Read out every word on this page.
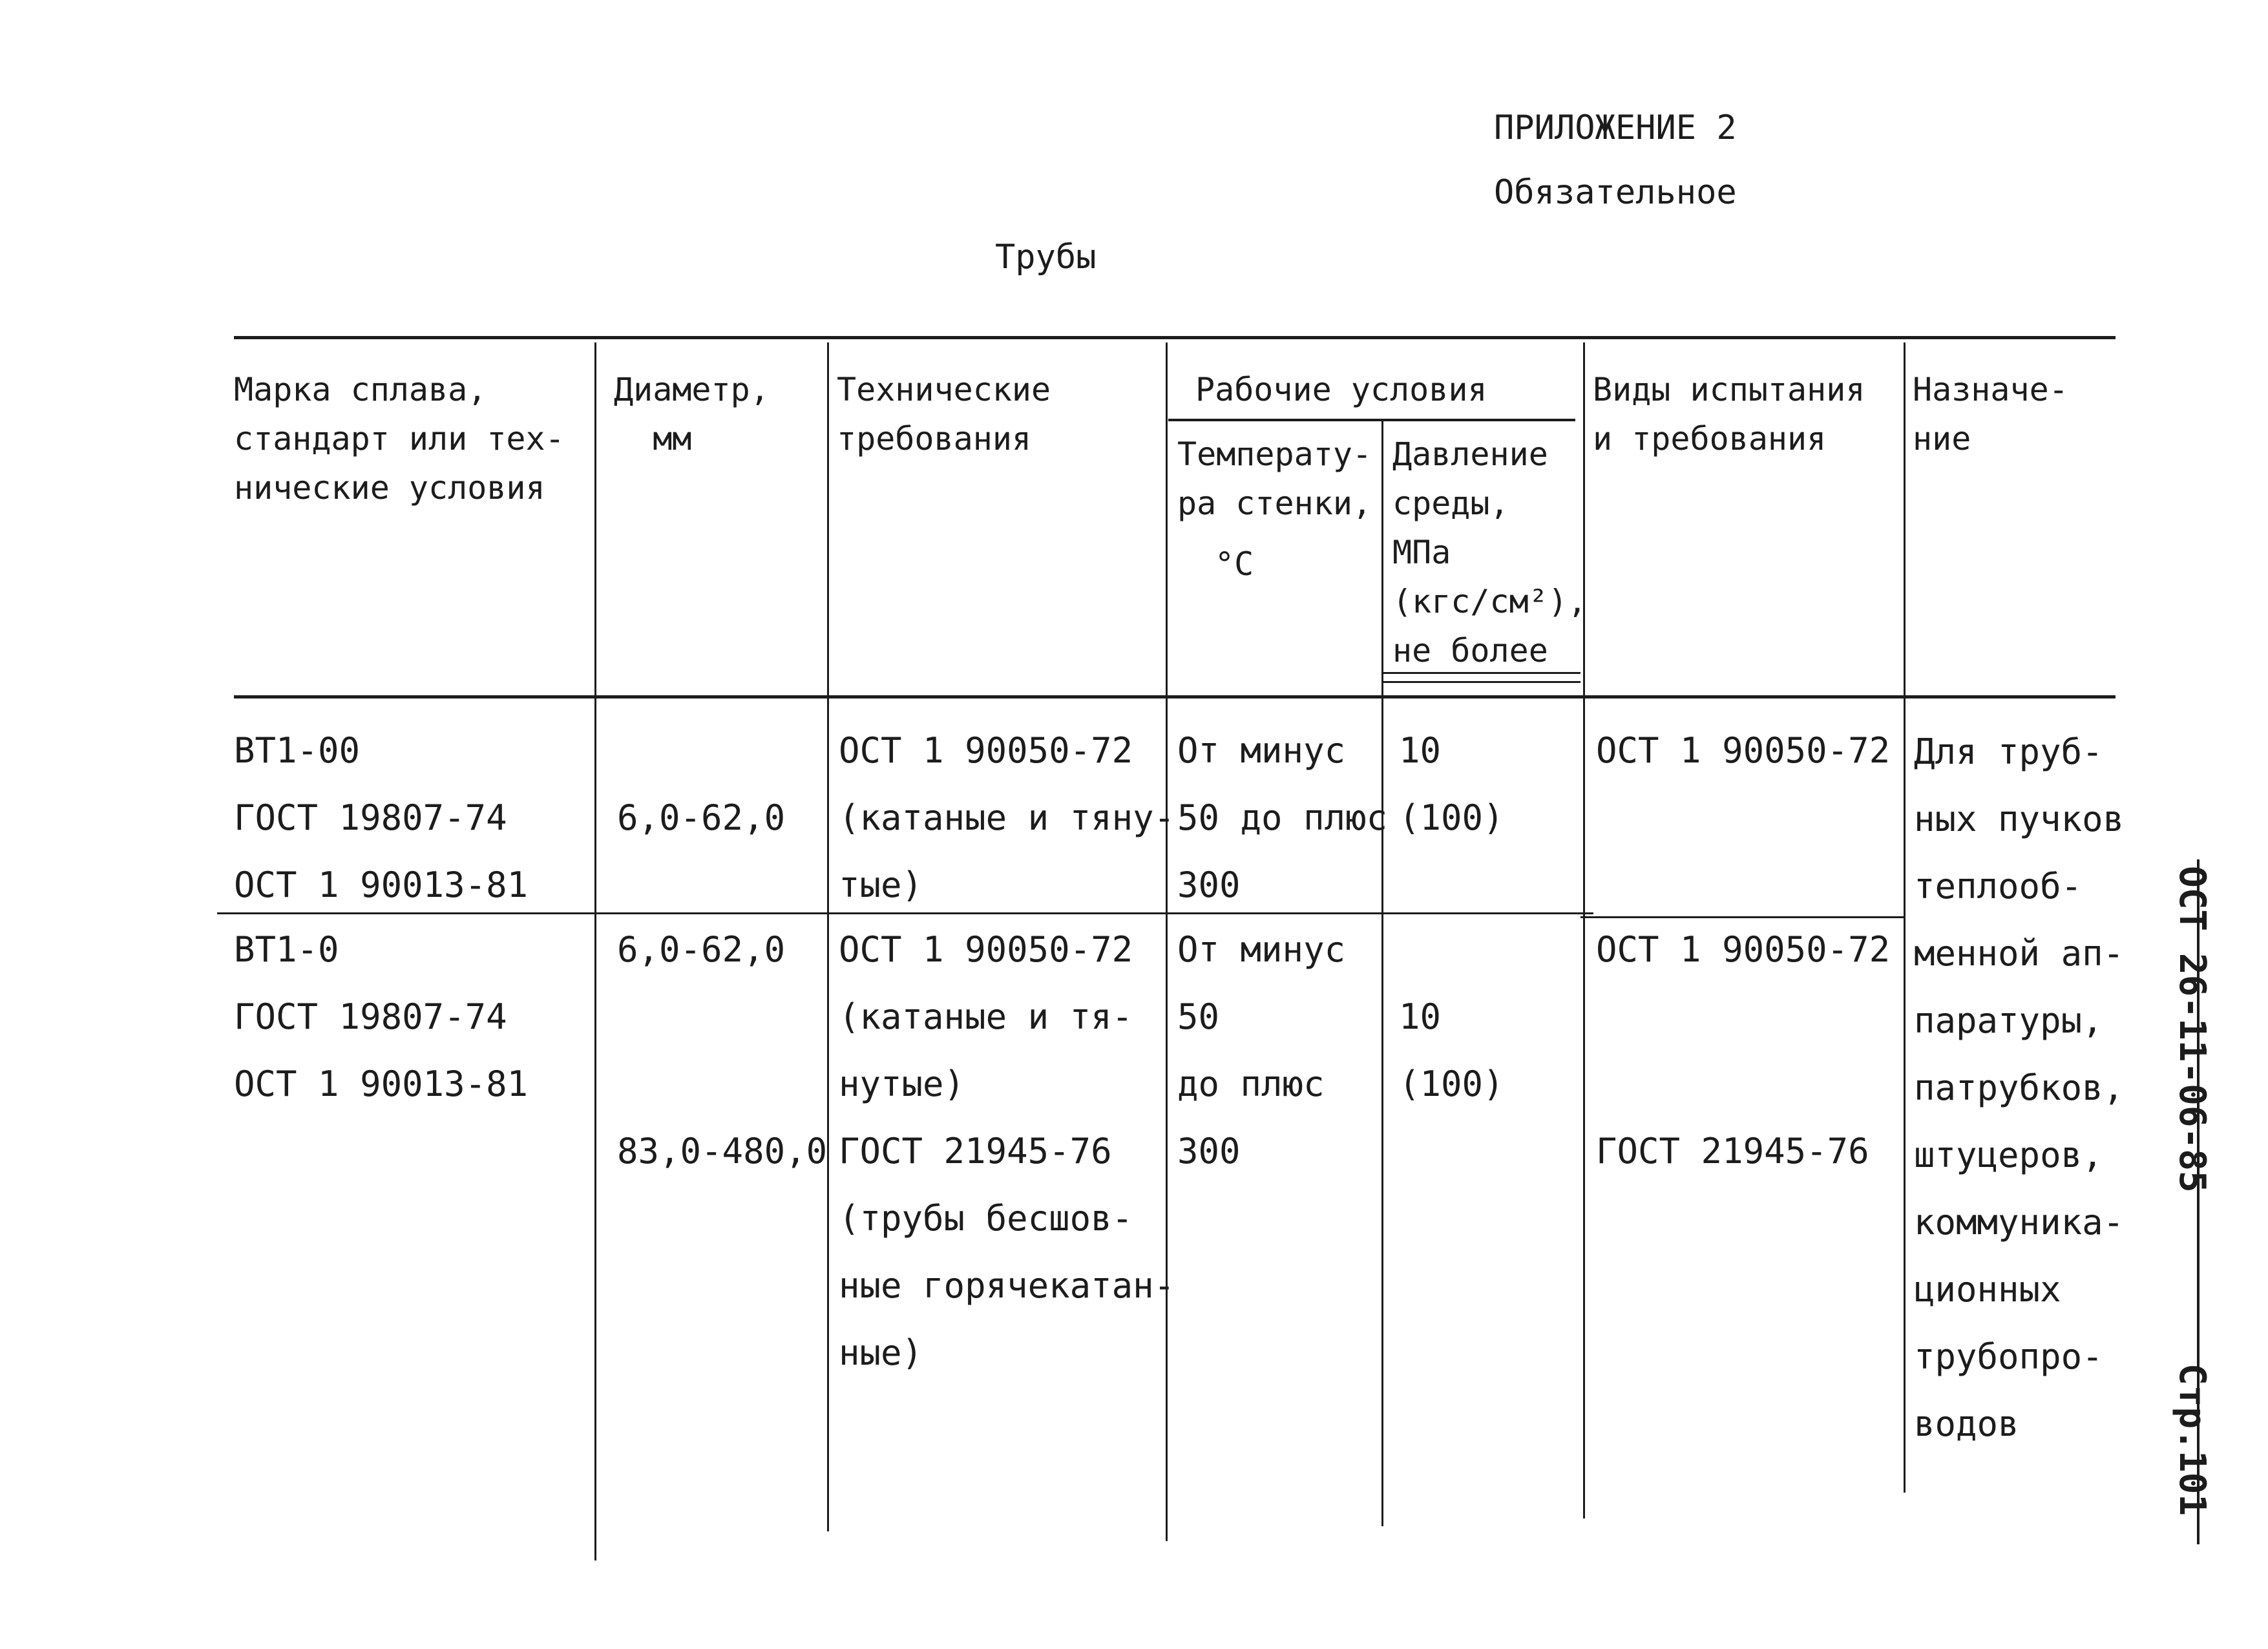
ПРИЛОЖЕНИЕ 2
Обязательное
Трубы
Марка сплава,
стандарт или тех-
нические условия
Диаметр,
мм
Технические
требования
Рабочие условия
Температу-
ра стенки,
°С
Давление
среды,
МПа
(кгс/см²),
не более
Виды испытания
и требования
Назначе-
ние
ВТ1-00
ГОСТ 19807-74
ОСТ 1 90013-81

6,0-62,0
ОСТ 1 90050-72
(катаные и тяну-
тые)
От минус
50 до плюс
300
10
(100)
ОСТ 1 90050-72
ВТ1-0
ГОСТ 19807-74
ОСТ 1 90013-81
6,0-62,0

83,0-480,0
ОСТ 1 90050-72
(катаные и тя-
нутые)
ГОСТ 21945-76
(трубы бесшов-
ные горячекатан-
ные)
От минус
50
до плюс
300

10
(100)
ОСТ 1 90050-72

ГОСТ 21945-76
Для труб-
ных пучков
теплооб-
менной ап-
паратуры,
патрубков,
штуцеров,
коммуника-
ционных
трубопро-
водов
ОСТ 26-11-06-85
Стр.101
